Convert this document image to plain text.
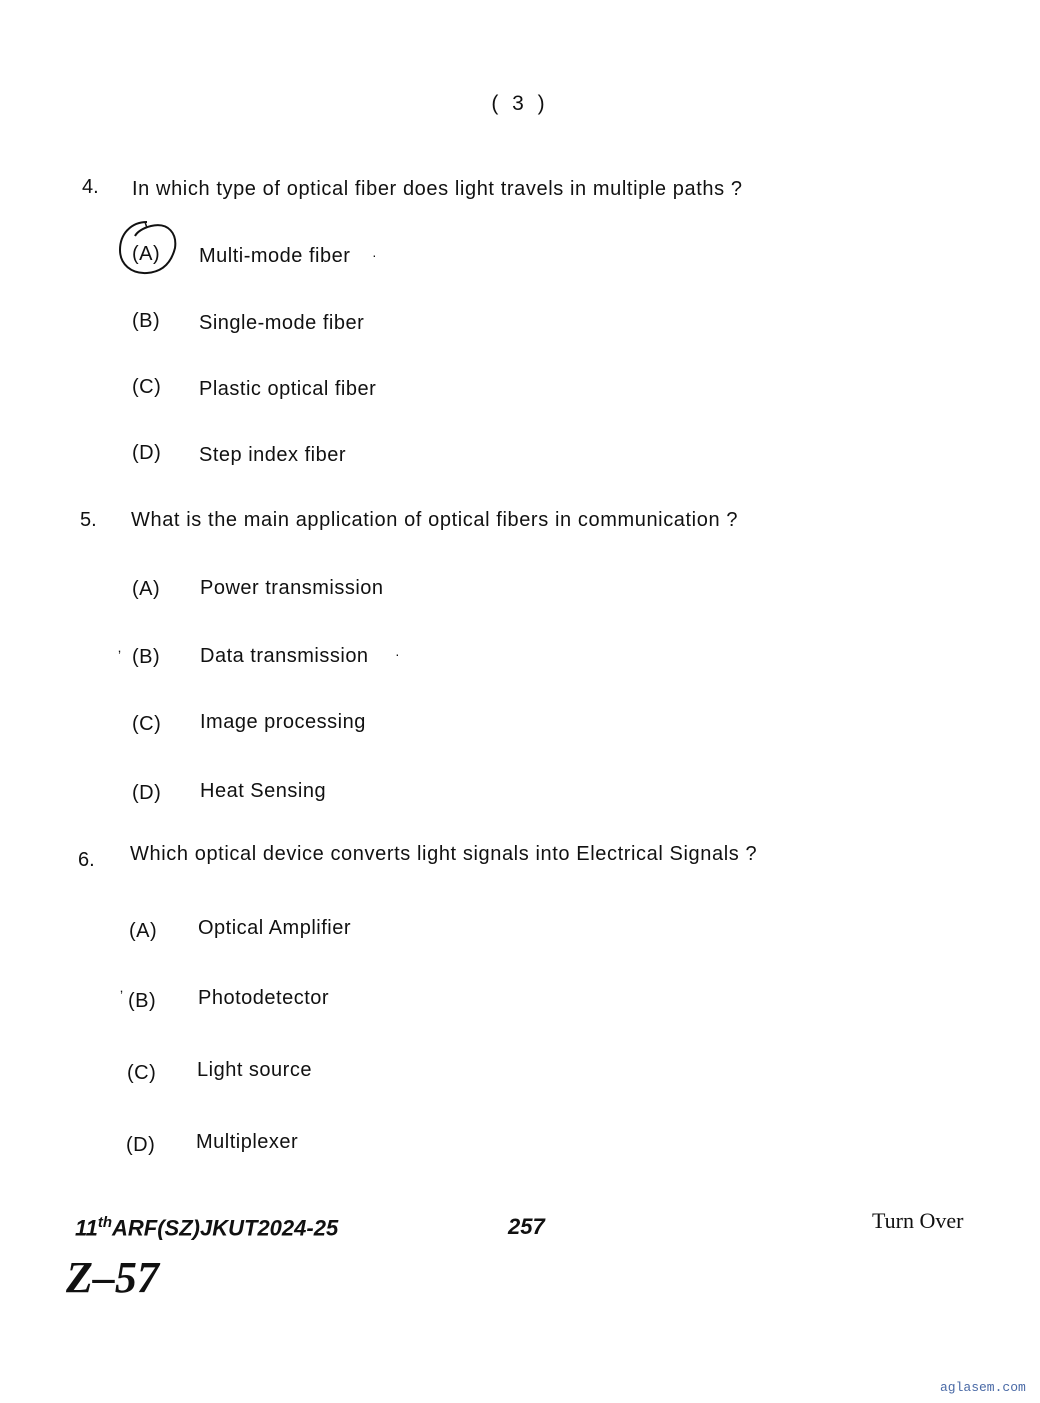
( 3 )
4. In which type of optical fiber does light travels in multiple paths ?
(A) Multi-mode fiber ·
(B) Single-mode fiber
(C) Plastic optical fiber
(D) Step index fiber
5. What is the main application of optical fibers in communication ?
(A) Power transmission
ʼ (B) Data transmission ·
(C) Image processing
(D) Heat Sensing
6. Which optical device converts light signals into Electrical Signals ?
(A) Optical Amplifier
ʼ (B) Photodetector
(C) Light source
(D) Multiplexer
11thARF(SZ)JKUT2024-25	257	Turn Over
Z–57
aglasem.com
